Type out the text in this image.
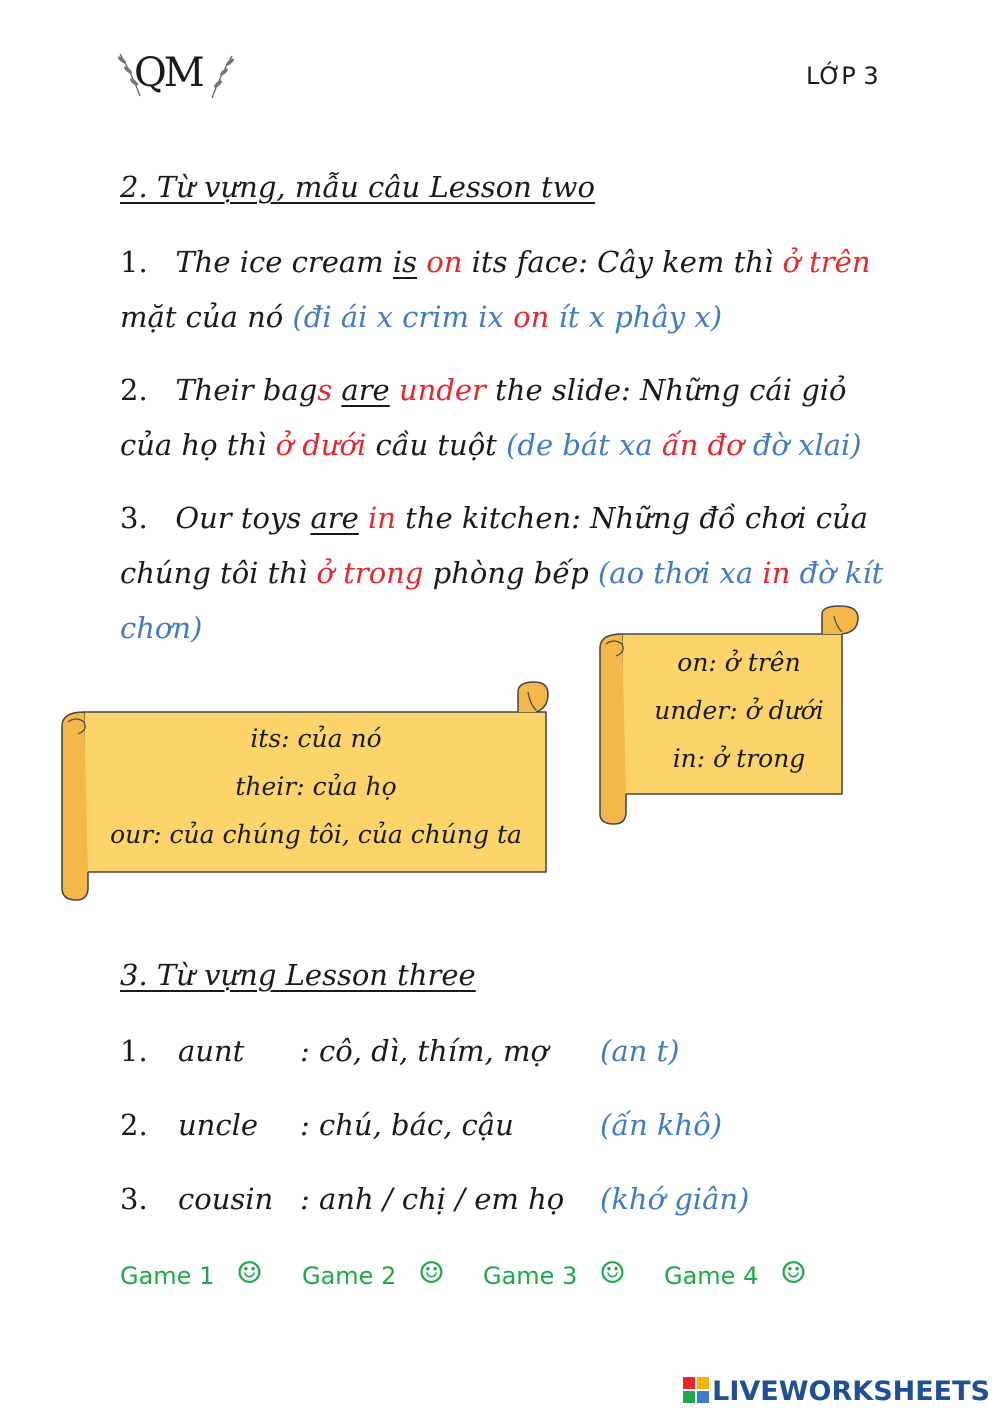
QM	LỚP 3
2. Từ vựng, mẫu câu Lesson two
1. The ice cream is on its face: Cây kem thì ở trên
mặt của nó (đi ái x crim ix on ít x phây x)
2. Their bags are under the slide: Những cái giỏ
của họ thì ở dưới cầu tuột (de bát xa ấn đơ đờ xlai)
3. Our toys are in the kitchen: Những đồ chơi của
chúng tôi thì ở trong phòng bếp (ao thơi xa in đờ kít
chơn)
on: ở trên
under: ở dưới
in: ở trong
its: của nó
their: của họ
our: của chúng tôi, của chúng ta
3. Từ vựng Lesson three
1. aunt : cô, dì, thím, mợ (an t)
2. uncle : chú, bác, cậu	(ấn khô)
3. cousin : anh / chị / em họ (khớ giân)
Game 1 ☺ Game 2 ☺ Game 3 ☺ Game 4 ☺
LIVEWORKSHEETS
